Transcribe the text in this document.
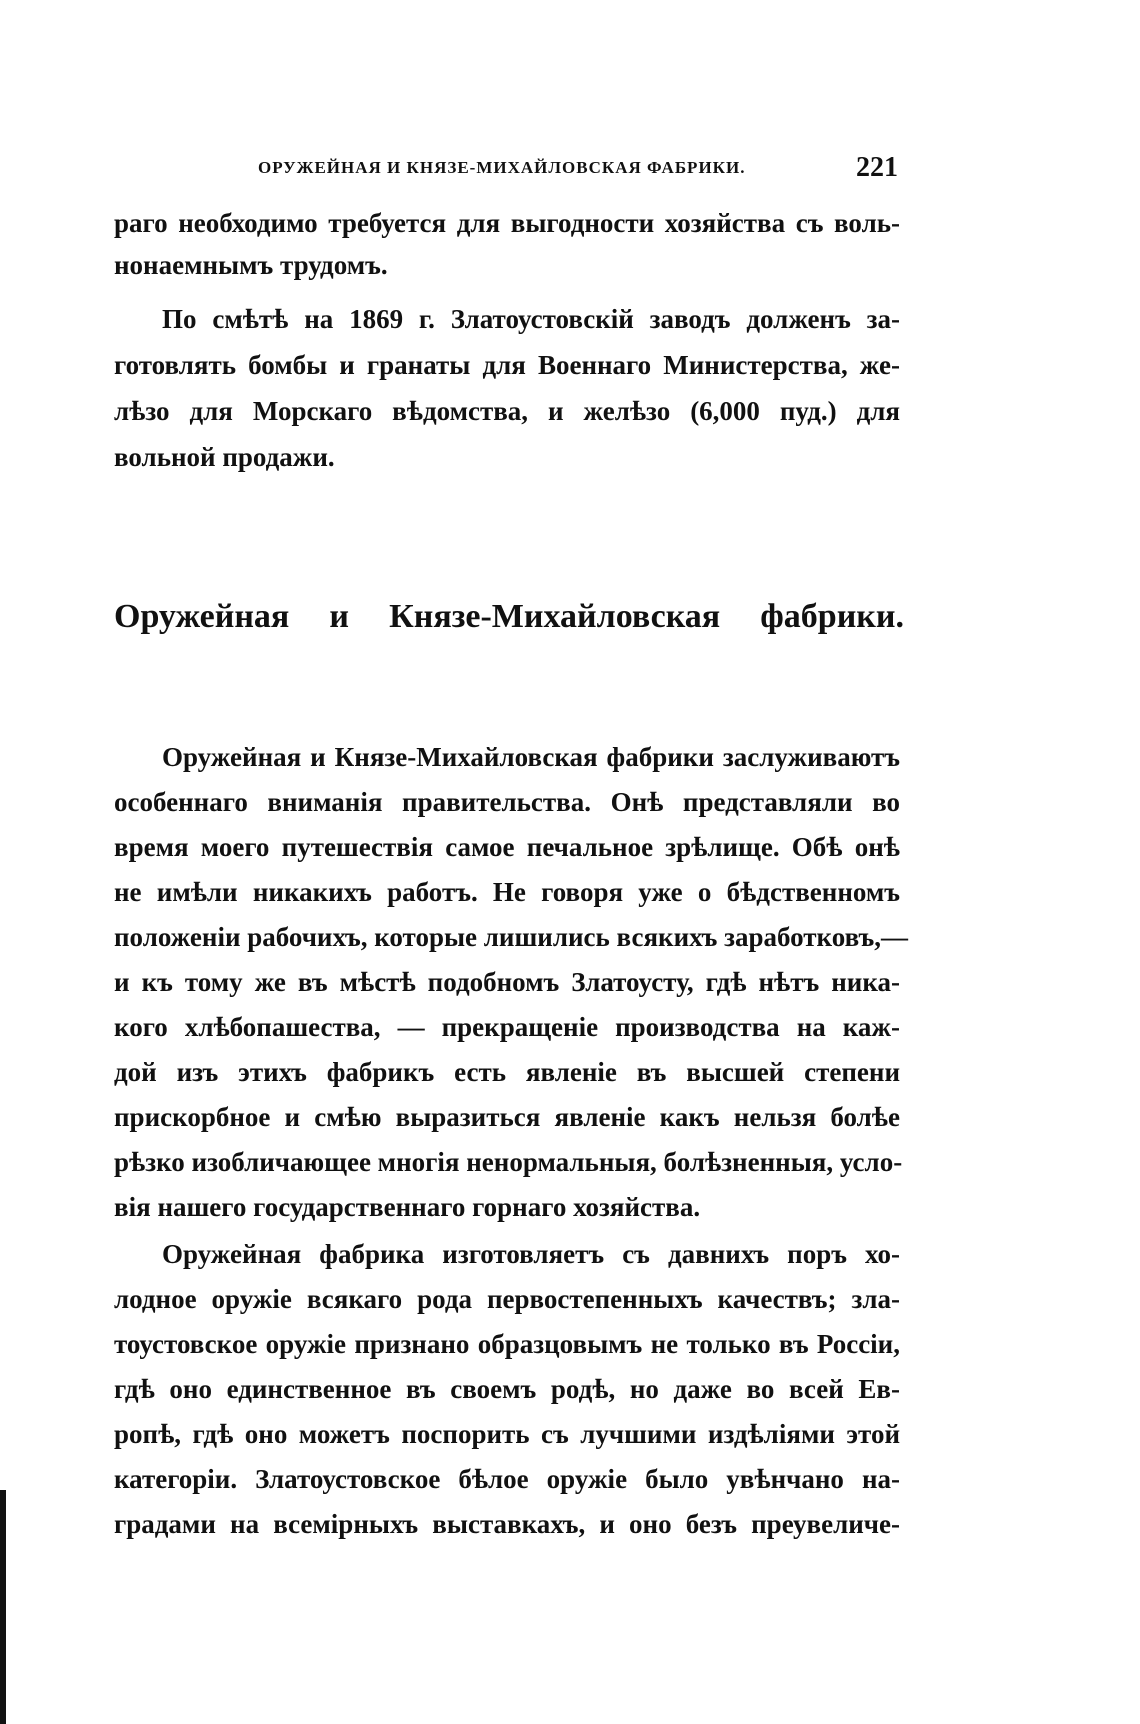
ОРУЖЕЙНАЯ И КНЯЗЕ-МИХАЙЛОВСКАЯ ФАБРИКИ.	221
раго необходимо требуется для выгодности хозяйства съ воль-
нонаемнымъ трудомъ.
По смѣтѣ на 1869 г. Златоустовскій заводъ долженъ за-
готовлять бомбы и гранаты для Военнаго Министерства, же-
лѣзо для Морскаго вѣдомства, и желѣзо (6,000 пуд.) для
вольной продажи.
Оружейная и Князе-Михайловская фабрики.
Оружейная и Князе-Михайловская фабрики заслуживаютъ
особеннаго вниманія правительства. Онѣ представляли во
время моего путешествія самое печальное зрѣлище. Обѣ онѣ
не имѣли никакихъ работъ. Не говоря уже о бѣдственномъ
положеніи рабочихъ, которые лишились всякихъ заработковъ,—
и къ тому же въ мѣстѣ подобномъ Златоусту, гдѣ нѣтъ ника-
кого хлѣбопашества, — прекращеніе производства на каж-
дой изъ этихъ фабрикъ есть явленіе въ высшей степени
прискорбное и смѣю выразиться явленіе какъ нельзя болѣе
рѣзко изобличающее многія ненормальныя, болѣзненныя, усло-
вія нашего государственнаго горнаго хозяйства.
Оружейная фабрика изготовляетъ съ давнихъ поръ хо-
лодное оружіе всякаго рода первостепенныхъ качествъ; зла-
тоустовское оружіе признано образцовымъ не только въ Россіи,
гдѣ оно единственное въ своемъ родѣ, но даже во всей Ев-
ропѣ, гдѣ оно можетъ поспорить съ лучшими издѣліями этой
категоріи. Златоустовское бѣлое оружіе было увѣнчано на-
градами на всемірныхъ выставкахъ, и оно безъ преувеличе-
